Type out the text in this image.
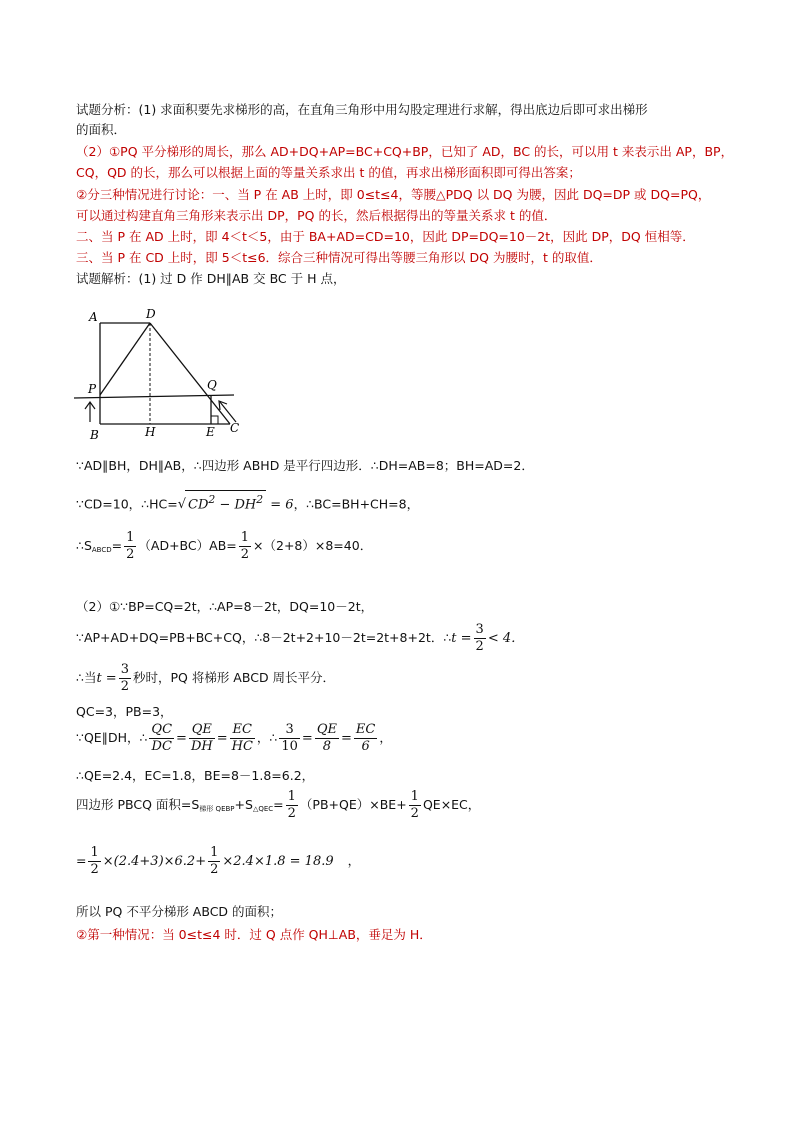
试题分析：(1) 求面积要先求梯形的高，在直角三角形中用勾股定理进行求解，得出底边后即可求出梯形
的面积．
（2）①PQ 平分梯形的周长，那么 AD+DQ+AP=BC+CQ+BP，已知了 AD，BC 的长，可以用 t 来表示出 AP，BP，
CQ，QD 的长，那么可以根据上面的等量关系求出 t 的值，再求出梯形面积即可得出答案；
②分三种情况进行讨论：一、当 P 在 AB 上时，即 0≤t≤4，等腰△PDQ 以 DQ 为腰，因此 DQ=DP 或 DQ=PQ，
可以通过构建直角三角形来表示出 DP，PQ 的长，然后根据得出的等量关系求 t 的值．
二、当 P 在 AD 上时，即 4＜t＜5，由于 BA+AD=CD=10，因此 DP=DQ=10－2t，因此 DP，DQ 恒相等．
三、当 P 在 CD 上时，即 5＜t≤6．综合三种情况可得出等腰三角形以 DQ 为腰时，t 的取值．
试题解析：(1) 过 D 作 DH∥AB 交 BC 于 H 点，
A	D
P	Q
B	H	E C
∵AD∥BH，DH∥AB，∴四边形 ABHD 是平行四边形．∴DH=AB=8；BH=AD=2．
∵CD=10，∴HC=√ $CD^2 - DH^2 = 6$，∴BC=BH+CH=8，
$\therefore S_{ABCD}= \frac{1}{2} (AD+BC)AB= \frac{1}{2} \times(2+8)\times 8=40$．
（2）①∵BP=CQ=2t，∴AP=8－2t，DQ=10－2t，
∵AP+AD+DQ=PB+BC+CQ，∴8－2t+2+10－2t=2t+8+2t．∴t = $\frac{3}{2} < 4$．
∴当$t = \frac{3}{2}$ 秒时，PQ 将梯形 ABCD 周长平分．
QC=3，PB=3，
∵QE∥DH，∴ $\frac{QC}{DC} = \frac{QE}{DH} = \frac{EC}{HC}$ ，∴ $\frac{3}{10} = \frac{QE}{8} = \frac{EC}{6}$ ，
∴QE=2.4，EC=1.8，BE=8－1.8=6.2，
四边形 PBCQ 面积$=S_{梯形 QEBP}+S_{\triangle QEC}= \frac{1}{2} (PB+QE)\times BE+ \frac{1}{2} QE\times EC$，
= $\frac{1}{2} \times(2.4+3)\times 6.2+ \frac{1}{2} \times 2.4\times 1.8 = 18.9$ ，
所以 PQ 不平分梯形 ABCD 的面积；
②第一种情况：当 0≤t≤4 时．过 Q 点作 QH⊥AB，垂足为 H．
